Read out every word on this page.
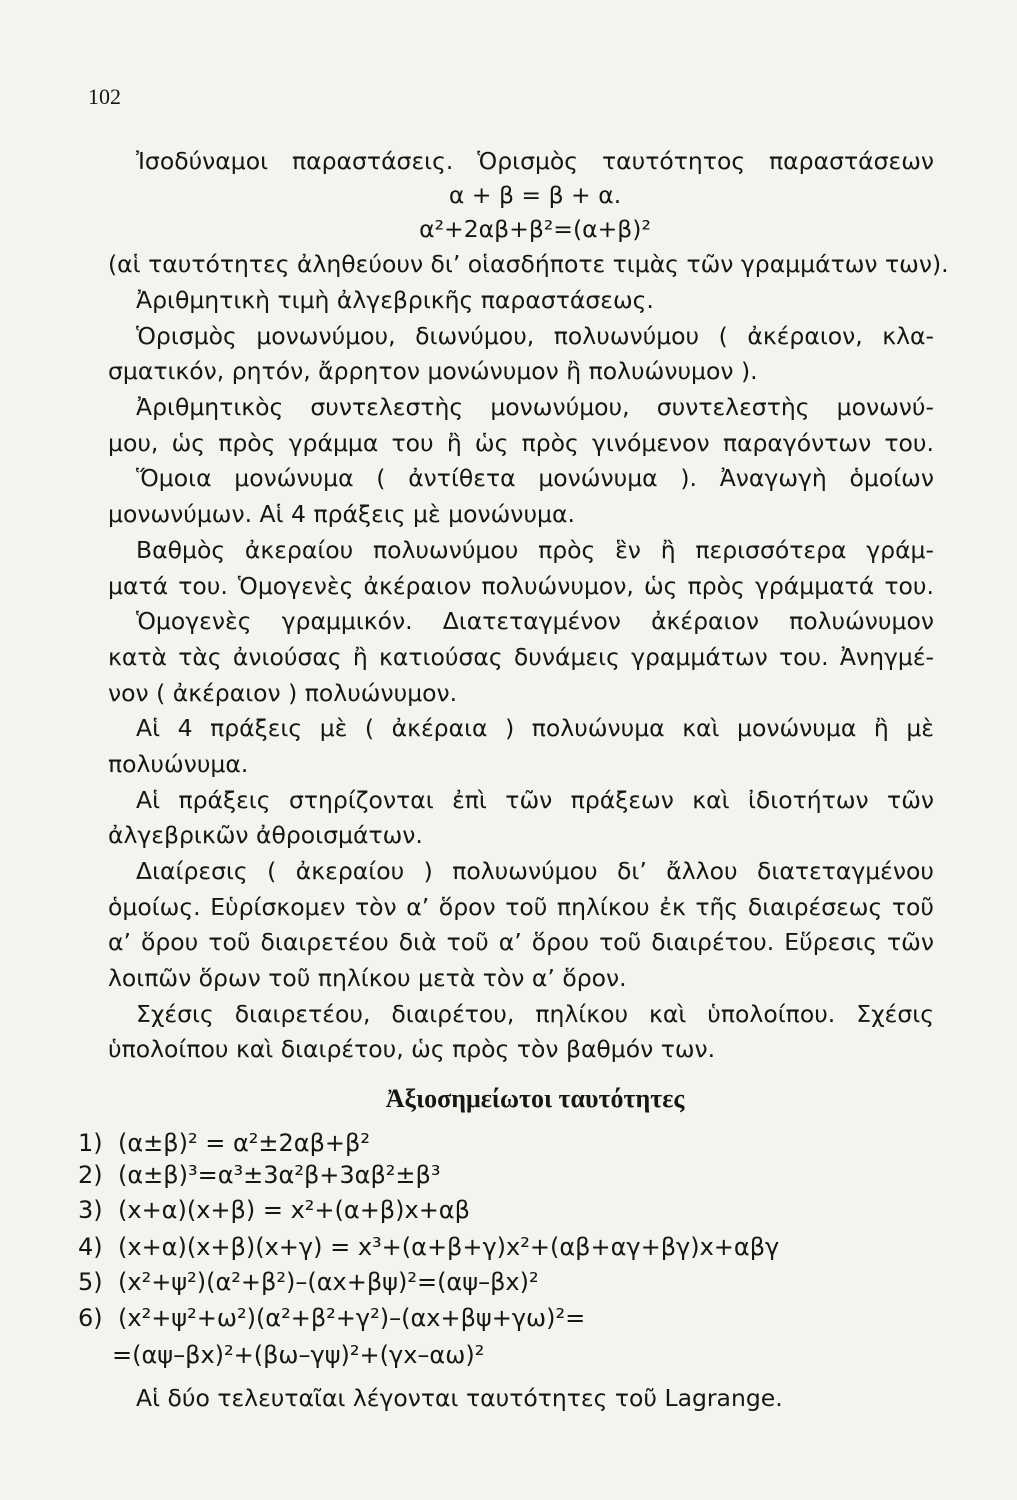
102
Ἰσοδύναμοι παραστάσεις. Ὁρισμὸς ταυτότητος παραστάσεων
α + β = β + α.
α²+2αβ+β²=(α+β)²
(αἱ ταυτότητες ἀληθεύουν δι’ οἱασδήποτε τιμὰς τῶν γραμμάτων των).
Ἀριθμητικὴ τιμὴ ἀλγεβρικῆς παραστάσεως.
Ὁρισμὸς μονωνύμου, διωνύμου, πολυωνύμου ( ἀκέραιον, κλα-
σματικόν, ρητόν, ἄρρητον μονώνυμον ἢ πολυώνυμον ).
Ἀριθμητικὸς συντελεστὴς μονωνύμου, συντελεστὴς μονωνύ-
μου, ὡς πρὸς γράμμα του ἢ ὡς πρὸς γινόμενον παραγόντων του.
Ὅμοια μονώνυμα ( ἀντίθετα μονώνυμα ). Ἀναγωγὴ ὁμοίων
μονωνύμων. Αἱ 4 πράξεις μὲ μονώνυμα.
Βαθμὸς ἀκεραίου πολυωνύμου πρὸς ἓν ἢ περισσότερα γράμ-
ματά του. Ὁμογενὲς ἀκέραιον πολυώνυμον, ὡς πρὸς γράμματά του.
Ὁμογενὲς γραμμικόν. Διατεταγμένον ἀκέραιον πολυώνυμον
κατὰ τὰς ἀνιούσας ἢ κατιούσας δυνάμεις γραμμάτων του. Ἀνηγμέ-
νον ( ἀκέραιον ) πολυώνυμον.
Αἱ 4 πράξεις μὲ ( ἀκέραια ) πολυώνυμα καὶ μονώνυμα ἢ μὲ
πολυώνυμα.
Αἱ πράξεις στηρίζονται ἐπὶ τῶν πράξεων καὶ ἰδιοτήτων τῶν
ἀλγεβρικῶν ἀθροισμάτων.
Διαίρεσις ( ἀκεραίου ) πολυωνύμου δι’ ἄλλου διατεταγμένου
ὁμοίως. Εὑρίσκομεν τὸν α’ ὅρον τοῦ πηλίκου ἐκ τῆς διαιρέσεως τοῦ
α’ ὅρου τοῦ διαιρετέου διὰ τοῦ α’ ὅρου τοῦ διαιρέτου. Εὕρεσις τῶν
λοιπῶν ὅρων τοῦ πηλίκου μετὰ τὸν α’ ὅρον.
Σχέσις διαιρετέου, διαιρέτου, πηλίκου καὶ ὑπολοίπου. Σχέσις
ὑπολοίπου καὶ διαιρέτου, ὡς πρὸς τὸν βαθμόν των.
Ἀξιοσημείωτοι ταυτότητες
1) (α±β)² = α²±2αβ+β²
2) (α±β)³=α³±3α²β+3αβ²±β³
3) (x+α)(x+β) = x²+(α+β)x+αβ
4) (x+α)(x+β)(x+γ) = x³+(α+β+γ)x²+(αβ+αγ+βγ)x+αβγ
5) (x²+ψ²)(α²+β²)–(αx+βψ)²=(αψ–βx)²
6) (x²+ψ²+ω²)(α²+β²+γ²)–(αx+βψ+γω)²=
=(αψ–βx)²+(βω–γψ)²+(γx–αω)²
Αἱ δύο τελευταῖαι λέγονται ταυτότητες τοῦ Lagrange.
